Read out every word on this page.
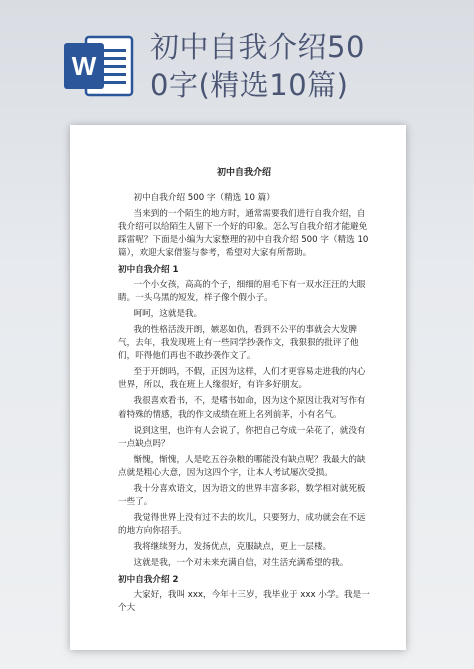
W
初中自我介绍50
0字(精选10篇)
初中自我介绍
初中自我介绍 500 字（精选 10 篇）
当来到的一个陌生的地方时，通常需要我们进行自我介绍，自我介绍可以给陌生人留下一个好的印象。怎么写自我介绍才能避免踩雷呢？下面是小编为大家整理的初中自我介绍 500 字（精选 10 篇），欢迎大家借鉴与参考，希望对大家有所帮助。
初中自我介绍 1
一个小女孩，高高的个子，细细的眉毛下有一双水汪汪的大眼睛。一头乌黑的短发，样子像个假小子。
呵呵，这就是我。
我的性格活泼开朗，嫉恶如仇，看到不公平的事就会大发脾气，去年，我发现班上有一些同学抄袭作文，我狠狠的批评了他们，吓得他们再也不敢抄袭作文了。
至于开朗吗，不假，正因为这样，人们才更容易走进我的内心世界，所以，我在班上人缘很好，有许多好朋友。
我很喜欢看书，不，是嗜书如命，因为这个原因让我对写作有着特殊的情感，我的作文成绩在班上名列前茅，小有名气。
说到这里，也许有人会说了，你把自己夸成一朵花了，就没有一点缺点吗？
惭愧，惭愧，人是吃五谷杂粮的哪能没有缺点呢？我最大的缺点就是粗心大意，因为这四个字，让本人考试屡次受损。
我十分喜欢语文，因为语文的世界丰富多彩，数学相对就死板一些了。
我觉得世界上没有过不去的坎儿，只要努力，成功就会在不远的地方向你招手。
我将继续努力，发扬优点，克服缺点，更上一层楼。
这就是我，一个对未来充满自信，对生活充满希望的我。
初中自我介绍 2
大家好，我叫 xxx，今年十三岁，我毕业于 xxx 小学。我是一个大
